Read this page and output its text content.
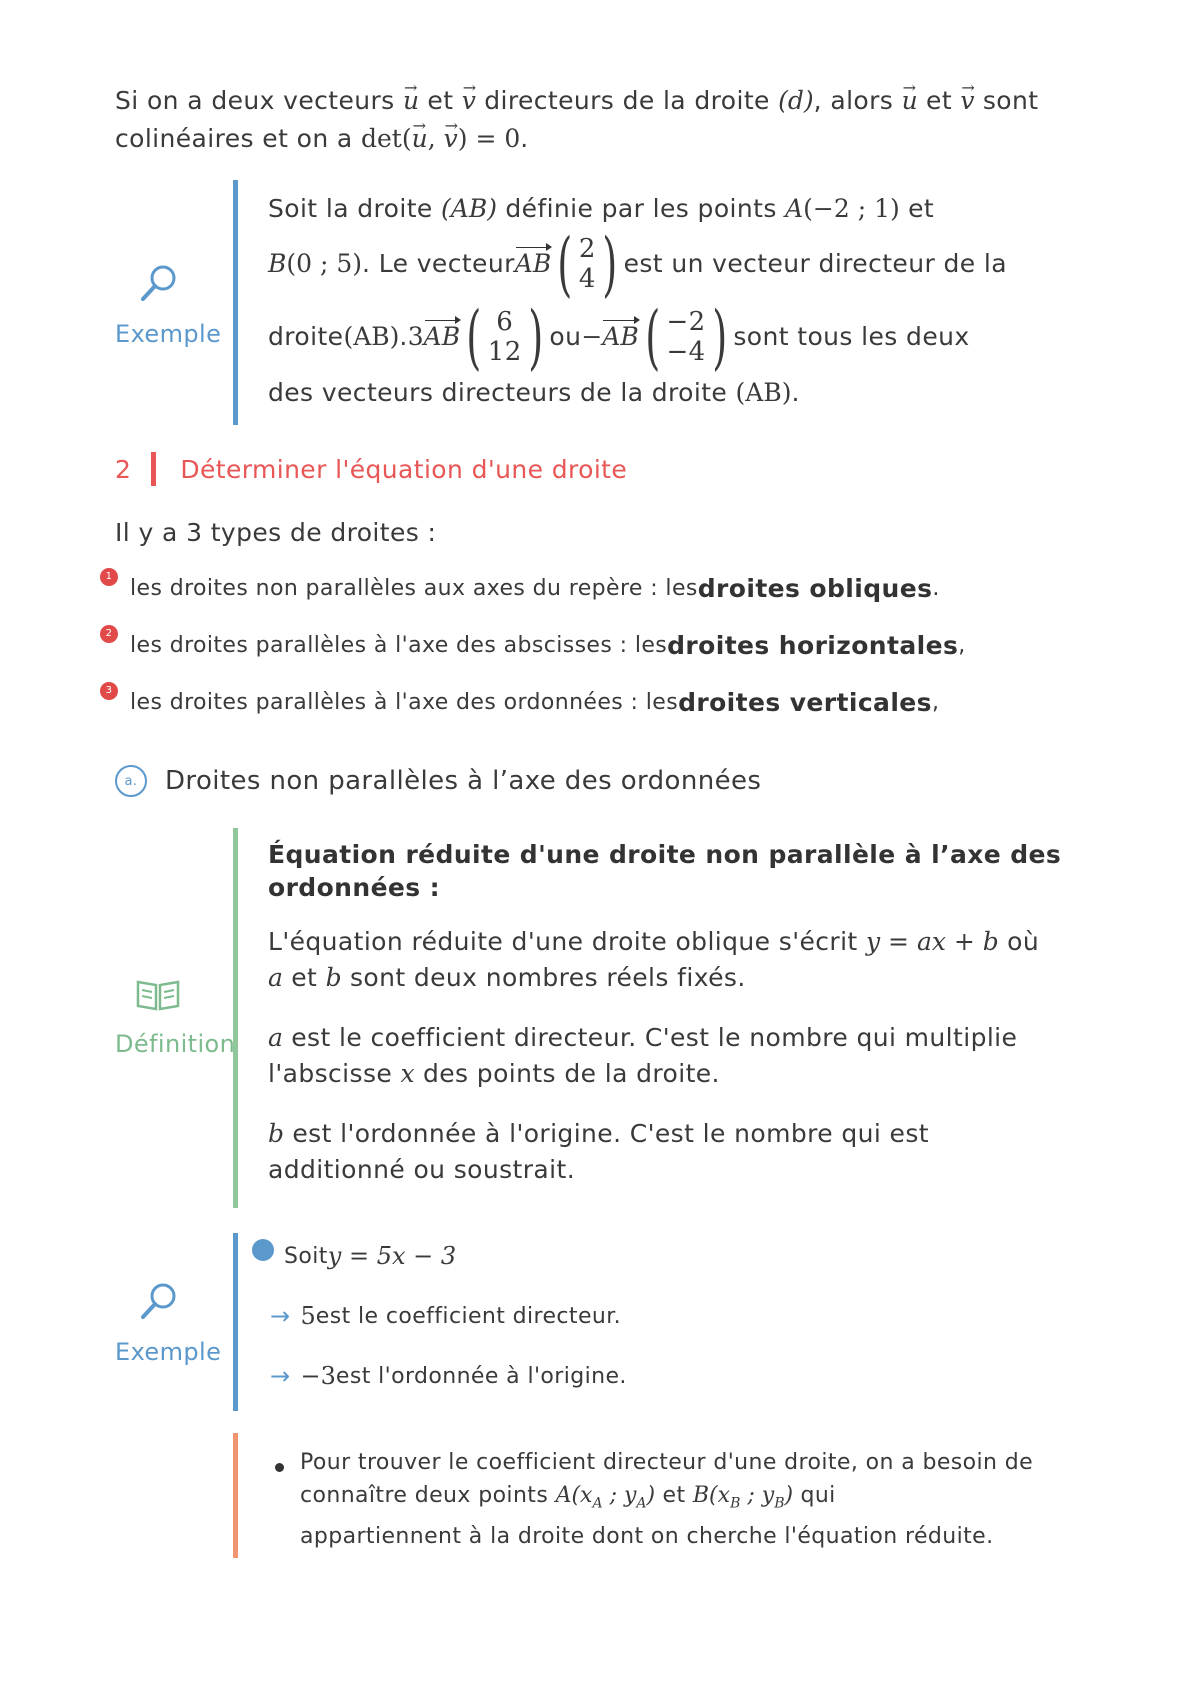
Si on a deux vecteurs → u et → v directeurs de la droite (d), alors → u et → v sont
colinéaires et on a det(→ u, → v) = 0.
Exemple
Soit la droite (AB) définie par les points A(−2 ; 1) et
B (0 ; 5) . Le vecteur AB ( 2
4 ) est un vecteur directeur de la
droite (AB) . 3 AB ( 6
12 ) ou − AB ( −2
−4 ) sont tous les deux
des vecteurs directeurs de la droite (AB).
2 Déterminer l'équation d'une droite
Il y a 3 types de droites :
1 les droites non parallèles aux axes du repère : les droites obliques .
2 les droites parallèles à l'axe des abscisses : les droites horizontales ,
3 les droites parallèles à l'axe des ordonnées : les droites verticales ,
a.	Droites non parallèles à l’axe des ordonnées
Définition

Équation réduite d'une droite non parallèle à l’axe des ordonnées :

L'équation réduite d'une droite oblique s'écrit y = ax + b où
a et b sont deux nombres réels fixés.

a est le coefficient directeur. C'est le nombre qui multiplie
l'abscisse x des points de la droite.

b est l'ordonnée à l'origine. C'est le nombre qui est
additionné ou soustrait.

Exemple
Soit y = 5x − 3
→ 5 est le coefficient directeur.
→ −3 est l'ordonnée à l'origine.
Pour trouver le coefficient directeur d'une droite, on a besoin de
connaître deux points $A(x_A$ ; $y_A$) et $B(x_B$ ; $y_B$) qui
appartiennent à la droite dont on cherche l'équation réduite.
